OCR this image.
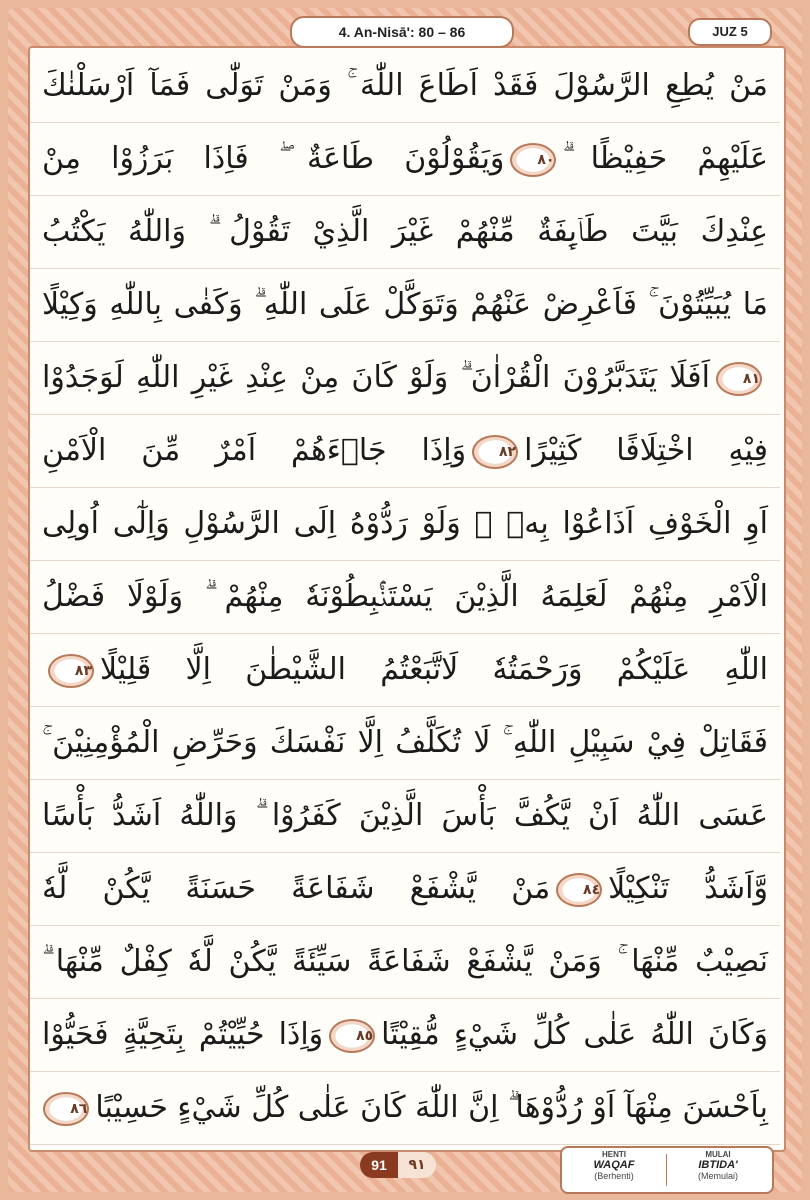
4. An-Nisā': 80 – 86	JUZ 5
مَنْ يُطِعِ الرَّسُوْلَ فَقَدْ اَطَاعَ اللّٰهَ ۚ وَمَنْ تَوَلّٰى فَمَآ اَرْسَلْنٰكَ
عَلَيْهِمْ حَفِيْظًا ۗ٨٠وَيَقُوْلُوْنَ طَاعَةٌ ۖ فَاِذَا بَرَزُوْا مِنْ
عِنْدِكَ بَيَّتَ طَاۤىِٕفَةٌ مِّنْهُمْ غَيْرَ الَّذِيْ تَقُوْلُ ۗ وَاللّٰهُ يَكْتُبُ
مَا يُبَيِّتُوْنَ ۚ فَاَعْرِضْ عَنْهُمْ وَتَوَكَّلْ عَلَى اللّٰهِ ۗ وَكَفٰى بِاللّٰهِ وَكِيْلًا
٨١اَفَلَا يَتَدَبَّرُوْنَ الْقُرْاٰنَ ۗ وَلَوْ كَانَ مِنْ عِنْدِ غَيْرِ اللّٰهِ لَوَجَدُوْا
فِيْهِ اخْتِلَافًا كَثِيْرًا٨٢وَاِذَا جَاۤءَهُمْ اَمْرٌ مِّنَ الْاَمْنِ
اَوِ الْخَوْفِ اَذَاعُوْا بِهٖ ۗ وَلَوْ رَدُّوْهُ اِلَى الرَّسُوْلِ وَاِلٰٓى اُولِى
الْاَمْرِ مِنْهُمْ لَعَلِمَهُ الَّذِيْنَ يَسْتَنْۢبِطُوْنَهٗ مِنْهُمْ ۗ وَلَوْلَا فَضْلُ
اللّٰهِ عَلَيْكُمْ وَرَحْمَتُهٗ لَاتَّبَعْتُمُ الشَّيْطٰنَ اِلَّا قَلِيْلًا٨٣
فَقَاتِلْ فِيْ سَبِيْلِ اللّٰهِ ۚ لَا تُكَلَّفُ اِلَّا نَفْسَكَ وَحَرِّضِ الْمُؤْمِنِيْنَ ۚ
عَسَى اللّٰهُ اَنْ يَّكُفَّ بَأْسَ الَّذِيْنَ كَفَرُوْا ۗ وَاللّٰهُ اَشَدُّ بَأْسًا
وَّاَشَدُّ تَنْكِيْلًا٨٤مَنْ يَّشْفَعْ شَفَاعَةً حَسَنَةً يَّكُنْ لَّهٗ
نَصِيْبٌ مِّنْهَا ۚ وَمَنْ يَّشْفَعْ شَفَاعَةً سَيِّئَةً يَّكُنْ لَّهٗ كِفْلٌ مِّنْهَا ۗ
وَكَانَ اللّٰهُ عَلٰى كُلِّ شَيْءٍ مُّقِيْتًا٨٥وَاِذَا حُيِّيْتُمْ بِتَحِيَّةٍ فَحَيُّوْا
بِاَحْسَنَ مِنْهَآ اَوْ رُدُّوْهَا ۗ اِنَّ اللّٰهَ كَانَ عَلٰى كُلِّ شَيْءٍ حَسِيْبًا٨٦
91	٩١
HENTI
WAQAF
(Berhenti)
MULAI
IBTIDA'
(Memulai)
